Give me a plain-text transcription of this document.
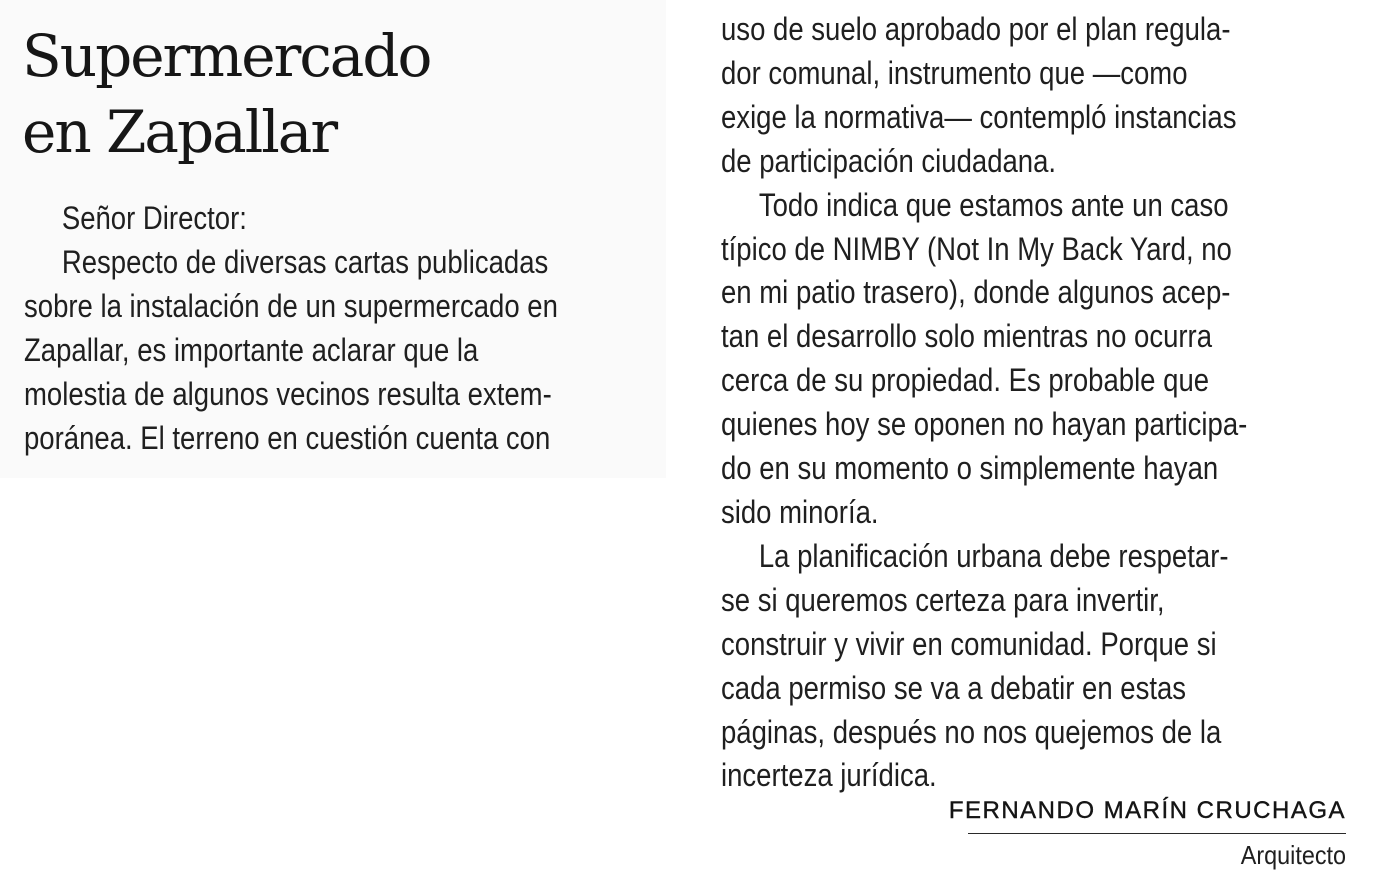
Supermercado
en Zapallar
Señor Director:
Respecto de diversas cartas publicadas
sobre la instalación de un supermercado en
Zapallar, es importante aclarar que la
molestia de algunos vecinos resulta extem-
poránea. El terreno en cuestión cuenta con
uso de suelo aprobado por el plan regula-
dor comunal, instrumento que —como
exige la normativa— contempló instancias
de participación ciudadana.
Todo indica que estamos ante un caso
típico de NIMBY (Not In My Back Yard, no
en mi patio trasero), donde algunos acep-
tan el desarrollo solo mientras no ocurra
cerca de su propiedad. Es probable que
quienes hoy se oponen no hayan participa-
do en su momento o simplemente hayan
sido minoría.
La planificación urbana debe respetar-
se si queremos certeza para invertir,
construir y vivir en comunidad. Porque si
cada permiso se va a debatir en estas
páginas, después no nos quejemos de la
incerteza jurídica.
FERNANDO MARÍN CRUCHAGA
Arquitecto
